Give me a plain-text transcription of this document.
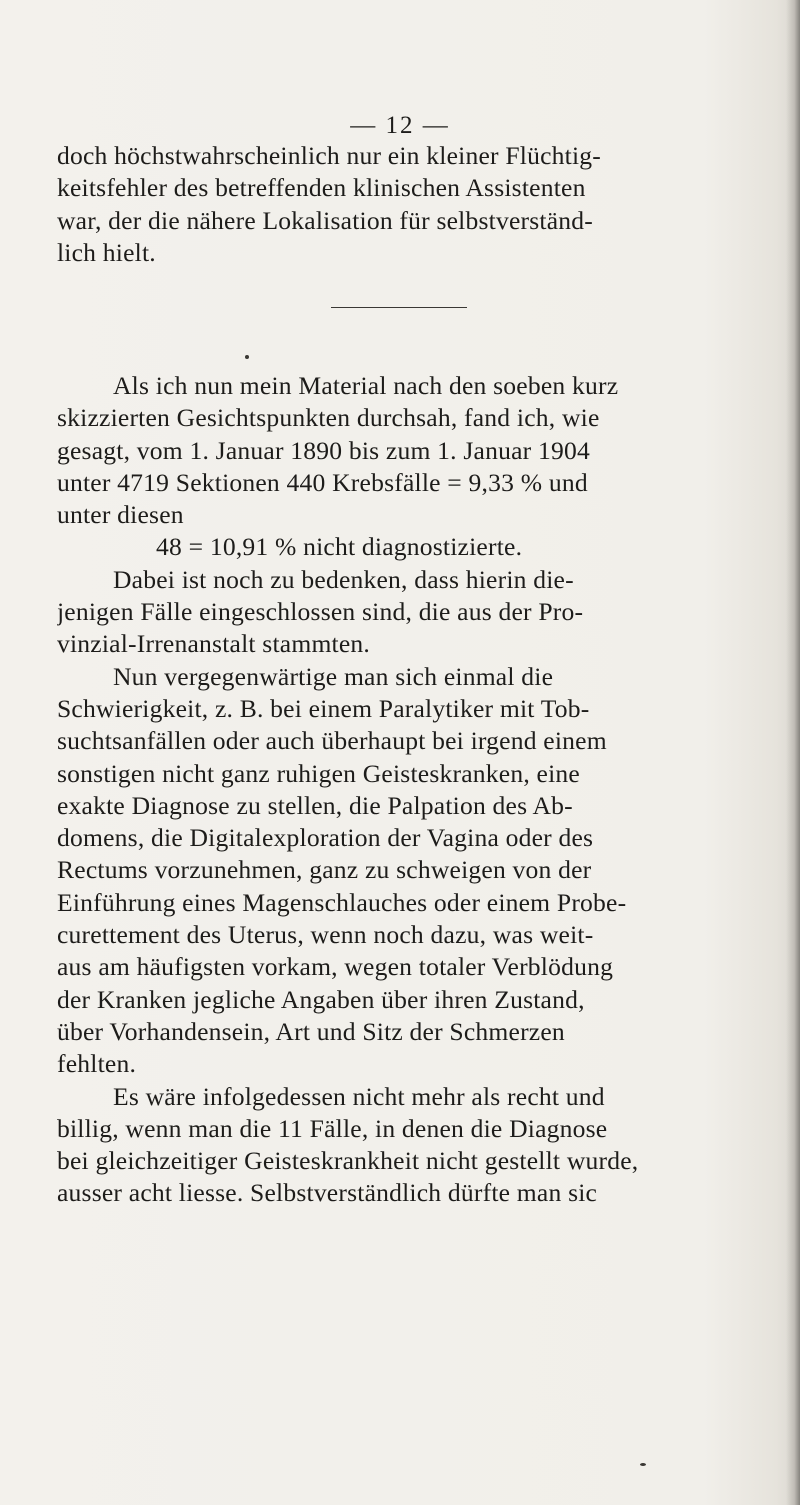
— 12 —

doch höchstwahrscheinlich nur ein kleiner Flüchtig-

keitsfehler des betreffenden klinischen Assistenten

war, der die nähere Lokalisation für selbstverständ-

lich hielt.

Als ich nun mein Material nach den soeben kurz

skizzierten Gesichtspunkten durchsah, fand ich, wie

gesagt, vom 1. Januar 1890 bis zum 1. Januar 1904

unter 4719 Sektionen 440 Krebsfälle = 9,33 % und

unter diesen

48 = 10,91 % nicht diagnostizierte.

Dabei ist noch zu bedenken, dass hierin die-

jenigen Fälle eingeschlossen sind, die aus der Pro-

vinzial-Irrenanstalt stammten.

Nun vergegenwärtige man sich einmal die

Schwierigkeit, z. B. bei einem Paralytiker mit Tob-

suchtsanfällen oder auch überhaupt bei irgend einem

sonstigen nicht ganz ruhigen Geisteskranken, eine

exakte Diagnose zu stellen, die Palpation des Ab-

domens, die Digitalexploration der Vagina oder des

Rectums vorzunehmen, ganz zu schweigen von der

Einführung eines Magenschlauches oder einem Probe-

curettement des Uterus, wenn noch dazu, was weit-

aus am häufigsten vorkam, wegen totaler Verblödung

der Kranken jegliche Angaben über ihren Zustand,

über Vorhandensein, Art und Sitz der Schmerzen

fehlten.

Es wäre infolgedessen nicht mehr als recht und

billig, wenn man die 11 Fälle, in denen die Diagnose

bei gleichzeitiger Geisteskrankheit nicht gestellt wurde,

ausser acht liesse. Selbstverständlich dürfte man sic
